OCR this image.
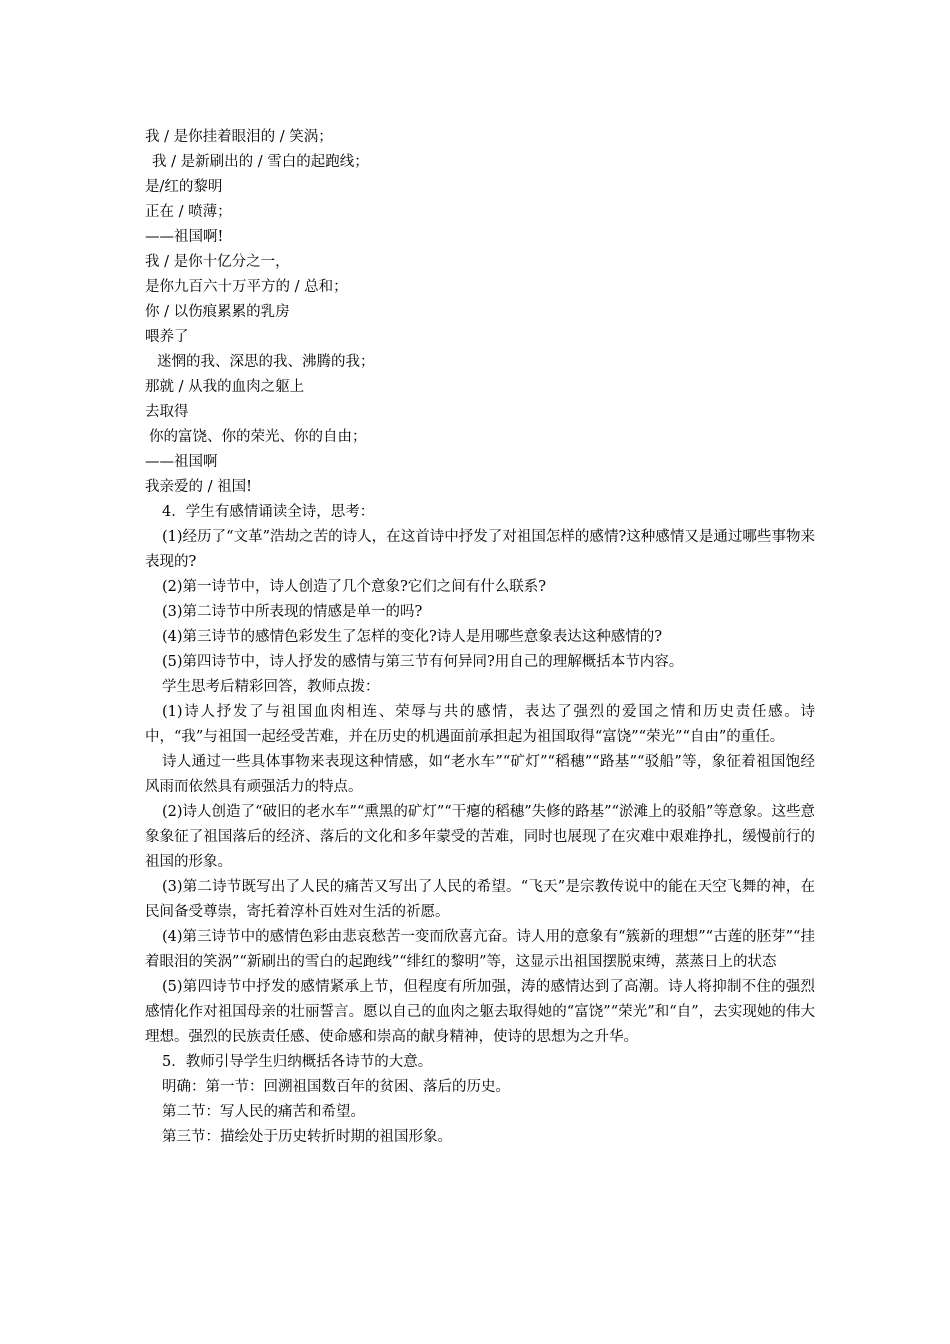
我 / 是你挂着眼泪的 / 笑涡；
我 / 是新刷出的 / 雪白的起跑线；
是/红的黎明
正在 / 喷薄；
——祖国啊!
我 / 是你十亿分之一，
是你九百六十万平方的 / 总和；
你 / 以伤痕累累的乳房
喂养了
迷惘的我、深思的我、沸腾的我；
那就 / 从我的血肉之躯上
去取得
你的富饶、你的荣光、你的自由；
——祖国啊
我亲爱的 / 祖国!

4．学生有感情诵读全诗，思考：

(1)经历了“文革”浩劫之苦的诗人，在这首诗中抒发了对祖国怎样的感情?这种感情又是通过哪些事物来表现的?

(2)第一诗节中，诗人创造了几个意象?它们之间有什么联系?

(3)第二诗节中所表现的情感是单一的吗?

(4)第三诗节的感情色彩发生了怎样的变化?诗人是用哪些意象表达这种感情的?

(5)第四诗节中，诗人抒发的感情与第三节有何异同?用自己的理解概括本节内容。

学生思考后精彩回答，教师点拨：

(1)诗人抒发了与祖国血肉相连、荣辱与共的感情，表达了强烈的爱国之情和历史责任感。诗中，“我”与祖国一起经受苦难，并在历史的机遇面前承担起为祖国取得“富饶”“荣光”“自由”的重任。

诗人通过一些具体事物来表现这种情感，如“老水车”“矿灯”“稻穗”“路基”“驳船”等，象征着祖国饱经风雨而依然具有顽强活力的特点。

(2)诗人创造了“破旧的老水车”“熏黑的矿灯”“干瘪的稻穗”失修的路基”“淤滩上的驳船”等意象。这些意象象征了祖国落后的经济、落后的文化和多年蒙受的苦难，同时也展现了在灾难中艰难挣扎，缓慢前行的祖国的形象。

(3)第二诗节既写出了人民的痛苦又写出了人民的希望。“飞天”是宗教传说中的能在天空飞舞的神，在民间备受尊崇，寄托着淳朴百姓对生活的祈愿。

(4)第三诗节中的感情色彩由悲哀愁苦一变而欣喜亢奋。诗人用的意象有“簇新的理想”“古莲的胚芽”“挂着眼泪的笑涡”“新刷出的雪白的起跑线”“绯红的黎明”等，这显示出祖国摆脱束缚，蒸蒸日上的状态

(5)第四诗节中抒发的感情紧承上节，但程度有所加强，涛的感情达到了高潮。诗人将抑制不住的强烈感情化作对祖国母亲的壮丽誓言。愿以自己的血肉之躯去取得她的“富饶”“荣光”和“自”，去实现她的伟大理想。强烈的民族责任感、使命感和崇高的献身精神，使诗的思想为之升华。

5．教师引导学生归纳概括各诗节的大意。

明确：第一节：回溯祖国数百年的贫困、落后的历史。

第二节：写人民的痛苦和希望。

第三节：描绘处于历史转折时期的祖国形象。
